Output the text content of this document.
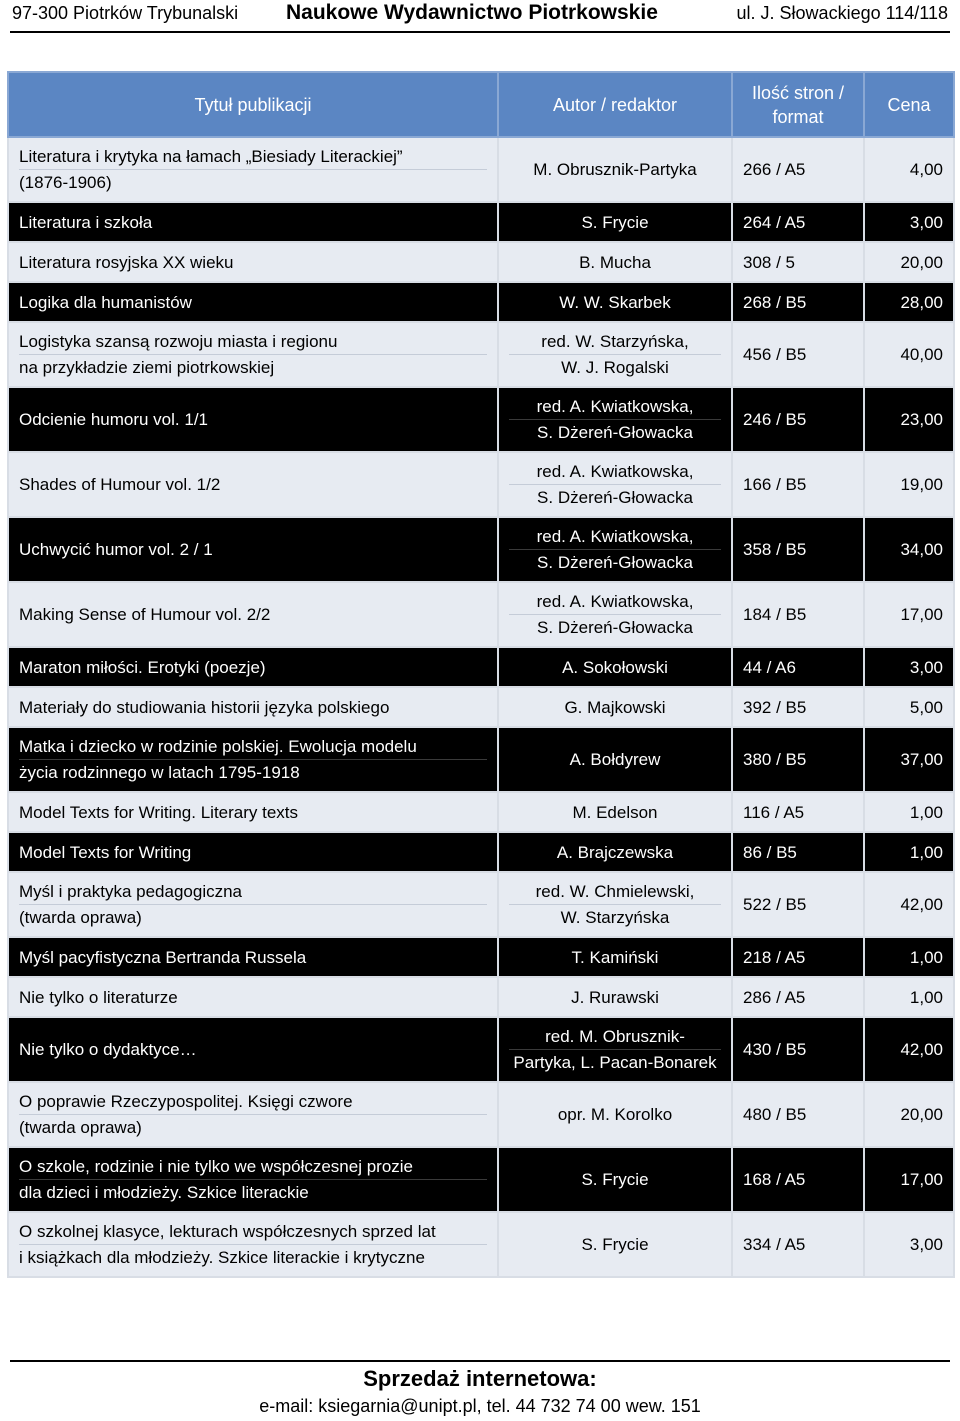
97-300 Piotrków Trybunalski Naukowe Wydawnictwo Piotrkowskie	ul. J. Słowackiego 114/118
Tytuł publikacji	Autor / redaktor	Ilość stron /
format	Cena

Literatura i krytyka na łamach „Biesiady Literackiej”
(1876-1906)	M. Obrusznik-Partyka	266 / A5	4,00

Literatura i szkoła	S. Frycie	264 / A5	3,00

Literatura rosyjska XX wieku	B. Mucha	308 / 5	20,00

Logika dla humanistów	W. W. Skarbek	268 / B5	28,00

Logistyka szansą rozwoju miasta i regionu
na przykładzie ziemi piotrkowskiej	red. W. Starzyńska,
W. J. Rogalski	456 / B5	40,00

Odcienie humoru vol. 1/1	red. A. Kwiatkowska,
S. Dżereń-Głowacka	246 / B5	23,00

Shades of Humour vol. 1/2	red. A. Kwiatkowska,
S. Dżereń-Głowacka	166 / B5	19,00

Uchwycić humor vol. 2 / 1	red. A. Kwiatkowska,
S. Dżereń-Głowacka	358 / B5	34,00

Making Sense of Humour vol. 2/2	red. A. Kwiatkowska,
S. Dżereń-Głowacka	184 / B5	17,00

Maraton miłości. Erotyki (poezje)	A. Sokołowski	44 / A6	3,00

Materiały do studiowania historii języka polskiego	G. Majkowski	392 / B5	5,00

Matka i dziecko w rodzinie polskiej. Ewolucja modelu
życia rodzinnego w latach 1795-1918	A. Bołdyrew	380 / B5	37,00

Model Texts for Writing. Literary texts	M. Edelson	116 / A5	1,00

Model Texts for Writing	A. Brajczewska	86 / B5	1,00

Myśl i praktyka pedagogiczna
(twarda oprawa)	red. W. Chmielewski,
W. Starzyńska	522 / B5	42,00

Myśl pacyfistyczna Bertranda Russela	T. Kamiński	218 / A5	1,00

Nie tylko o literaturze	J. Rurawski	286 / A5	1,00

Nie tylko o dydaktyce…	red. M. Obrusznik-
Partyka, L. Pacan-Bonarek	430 / B5	42,00

O poprawie Rzeczypospolitej. Księgi czwore
(twarda oprawa)	opr. M. Korolko	480 / B5	20,00

O szkole, rodzinie i nie tylko we współczesnej prozie
dla dzieci i młodzieży. Szkice literackie	S. Frycie	168 / A5	17,00

O szkolnej klasyce, lekturach współczesnych sprzed lat
i książkach dla młodzieży. Szkice literackie i krytyczne	S. Frycie	334 / A5	3,00
Sprzedaż internetowa:
e-mail: ksiegarnia@unipt.pl, tel. 44 732 74 00 wew. 151
